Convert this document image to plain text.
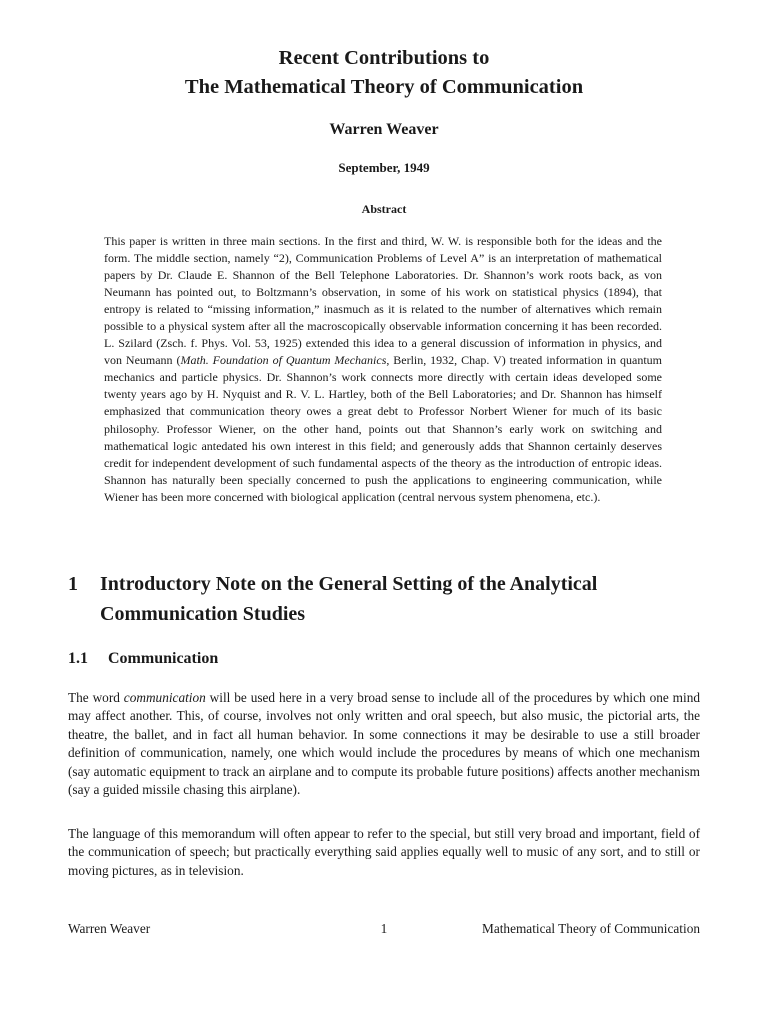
Recent Contributions to
The Mathematical Theory of Communication
Warren Weaver
September, 1949
Abstract
This paper is written in three main sections. In the first and third, W. W. is responsible both for the ideas and the form. The middle section, namely “2), Communication Problems of Level A” is an interpretation of mathematical papers by Dr. Claude E. Shannon of the Bell Telephone Laboratories. Dr. Shannon’s work roots back, as von Neumann has pointed out, to Boltzmann’s observation, in some of his work on statistical physics (1894), that entropy is related to “missing information,” inasmuch as it is related to the number of alternatives which remain possible to a physical system after all the macroscopically observable information concerning it has been recorded. L. Szilard (Zsch. f. Phys. Vol. 53, 1925) extended this idea to a general discussion of information in physics, and von Neumann (Math. Foundation of Quantum Mechanics, Berlin, 1932, Chap. V) treated information in quantum mechanics and particle physics. Dr. Shannon’s work connects more directly with certain ideas developed some twenty years ago by H. Nyquist and R. V. L. Hartley, both of the Bell Laboratories; and Dr. Shannon has himself emphasized that communication theory owes a great debt to Professor Norbert Wiener for much of its basic philosophy. Professor Wiener, on the other hand, points out that Shannon’s early work on switching and mathematical logic antedated his own interest in this field; and generously adds that Shannon certainly deserves credit for independent development of such fundamental aspects of the theory as the introduction of entropic ideas. Shannon has naturally been specially concerned to push the applications to engineering communication, while Wiener has been more concerned with biological application (central nervous system phenomena, etc.).
1	Introductory Note on the General Setting of the Analytical Communication Studies
1.1	Communication

The word communication will be used here in a very broad sense to include all of the procedures by which one mind may affect another. This, of course, involves not only written and oral speech, but also music, the pictorial arts, the theatre, the ballet, and in fact all human behavior. In some connections it may be desirable to use a still broader definition of communication, namely, one which would include the procedures by means of which one mechanism (say automatic equipment to track an airplane and to compute its probable future positions) affects another mechanism (say a guided missile chasing this airplane).

The language of this memorandum will often appear to refer to the special, but still very broad and important, field of the communication of speech; but practically everything said applies equally well to music of any sort, and to still or moving pictures, as in television.

Warren Weaver	1	Mathematical Theory of Communication
